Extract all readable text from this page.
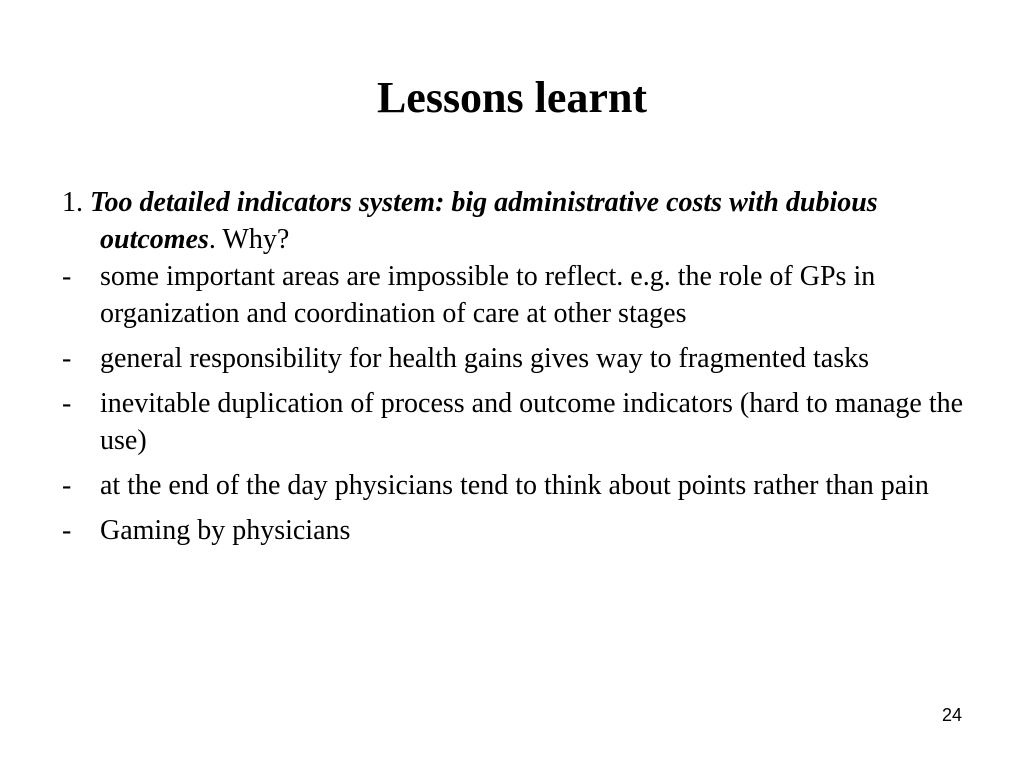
Lessons learnt
1. Too detailed indicators system: big administrative costs with dubious outcomes. Why?
-	some important areas are impossible to reflect. e.g. the role of GPs in organization and coordination of care at other stages
-	general responsibility for health gains gives way to fragmented tasks
-	inevitable duplication of process and outcome indicators (hard to manage the use)
-	at the end of the day physicians tend to think about points rather than pain
-	Gaming by physicians
24
